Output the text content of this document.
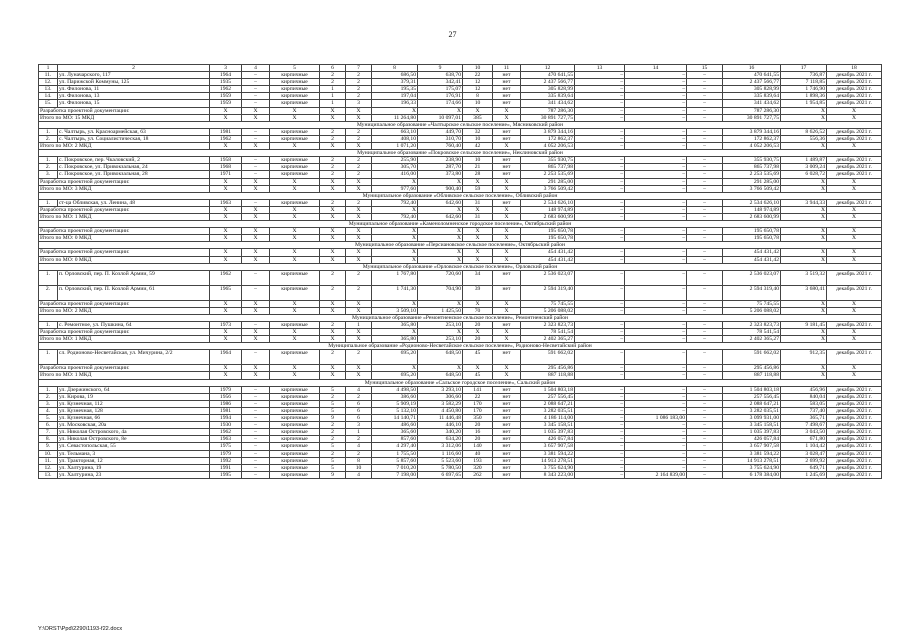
27
1	2	3	4	5	6	7	8	9	10	11	12	13	14	15	16	17	18
11.	ул. Луначарского, 117	1964	–	кирпичные	2	2	686,50	638,70	22	нет	470 641,55	–	–	–	470 641,55	736,87	декабрь 2021 г.
12.	ул. Парижской Коммуны, 125	1935	–	кирпичные	2	2	379,31	342,41	12	нет	2 437 566,77	–	–	–	2 437 566,77	7 118,85	декабрь 2021 г.
13.	ул. Филонова, 11	1962	–	кирпичные	1	2	195,35	175,07	12	нет	305 828,99	–	–	–	305 828,99	1 746,90	декабрь 2021 г.
14.	ул. Филонова, 13	1959	–	кирпичные	1	2	197,04	176,91	8	нет	335 839,64	–	–	–	335 839,64	1 898,36	декабрь 2021 г.
15.	ул. Филонова, 15	1959	–	кирпичные	1	3	196,33	174,66	10	нет	341 434,62	–	–	–	341 434,62	1 954,85	декабрь 2021 г.
Разработка проектной документации:		X	X	X	X	X	X	X	X	X	787 286,30	–	–	–	787 286,30	X	X
Итого по МО: 15 МКД		X	X	X	X	X	11 264,80	10 097,01	385	X	30 891 727,75	–	–	–	30 891 727,75	X	X
Муниципальное образование «Чалтырское сельское поселение», Мясниковский район																	
1.	с. Чалтырь, ул. Красноармейская, 63	1981	–	кирпичные	2	2	663,10	449,70	32	нет	3 879 344,16	–	–	–	3 879 344,16	8 626,52	декабрь 2021 г.
2.	с. Чалтырь, ул. Социалистическая, 18	1962	–	кирпичные	2	2	408,10	310,70	10	нет	172 862,37	–	–	–	172 862,37	556,36	декабрь 2021 г.
Итого по МО: 2 МКД		X	X	X	X	X	1 071,20	760,40	42	X	4 052 206,53	–	–	–	4 052 206,53	X	X
Муниципальное образование «Покровское сельское поселение», Неклиновский район																	
1.	с. Покровское, пер. Чкаловский, 2	1958	–	кирпичные	2	2	255,90	238,90	10	нет	355 930,75	–	–	–	355 930,75	1 489,87	декабрь 2021 г.
2.	с. Покровское, ул. Привокзальная, 24	1968	–	кирпичные	2	2	305,70	287,70	21	нет	865 737,98	–	–	–	865 737,98	3 009,24	декабрь 2021 г.
3.	с. Покровское, ул. Привокзальная, 28	1971	–	кирпичные	2	2	416,00	373,80	28	нет	2 253 535,69	–	–	–	2 253 535,69	6 028,72	декабрь 2021 г.
Разработка проектной документации:		X	X	X	X	X	X	X	X	X	291 285,00	–	–	–	291 285,00	X	X
Итого по МО: 3 МКД		X	X	X	X	X	977,60	900,40	59	X	3 766 509,42	–	–	–	3 766 509,42	X	X
Муниципальное образование «Обливское сельское поселение», Обливский район																	
1.	ст-ца Обливская, ул. Ленина, 48	1963	–	кирпичные	2	2	792,40	642,60	31	нет	2 534 626,10	–	–	–	2 534 626,10	3 944,33	декабрь 2021 г.
Разработка проектной документации:		X	X	X	X	X	X	X	X	X	148 974,89	–	–	–	148 974,89	X	X
Итого по МО: 1 МКД		X	X	X	X	X	792,40	642,60	31	X	2 683 600,99	–	–	–	2 683 600,99	X	X
Муниципальное образование «Каменоломненское городское поселение», Октябрьский район																	
Разработка проектной документации:		X	X	X	X	X	X	X	X	X	195 650,78	–	–	–	195 650,78	X	X
Итого по МО: 0 МКД		X	X	X	X	X	X	X	X	X	195 650,78	–	–	–	195 650,78	X	X
Муниципальное образование «Персиановское сельское поселение», Октябрьский район																	
Разработка проектной документации:		X	X	X	X	X	X	X	X	X	454 431,42	–	–	–	454 431,42	X	X
Итого по МО: 0 МКД		X	X	X	X	X	X	X	X	X	454 431,42	–	–	–	454 431,42	X	X
Муниципальное образование «Орловское сельское поселение», Орловский район																	
1.	п. Орловский, пер. П. Козлой Армии, 59	1962	–	кирпичные	2	2	1 767,80	720,60	34	нет	2 536 023,07	–	–	–	2 536 023,07	3 519,32	декабрь 2021 г.
2.	п. Орловский, пер. П. Козлой Армии, 61	1965	–	кирпичные	2	2	1 741,30	704,90	39	нет	2 594 319,40	–	–	–	2 594 319,40	3 680,41	декабрь 2021 г.
Разработка проектной документации:		X	X	X	X	X	X	X	X	X	75 745,55	–	–	–	75 745,55	X	X
Итого по МО: 2 МКД		X	X	X	X	X	3 509,10	1 425,50	70	X	5 206 088,02	–	–	–	5 206 088,02	X	X
Муниципальное образование «Ремонтненское сельское поселение», Ремонтненский район																	
1.	с. Ремонтное, ул. Пушкина, 64	1973	–	кирпичные	2	1	365,80	253,10	20	нет	2 323 823,73	–	–	–	2 323 823,73	9 181,45	декабрь 2021 г.
Разработка проектной документации:		X	X	X	X	X	X	X	X	X	78 541,54	–	–	–	78 541,54	X	X
Итого по МО: 1 МКД		X	X	X	X	X	365,80	253,10	20	X	2 402 365,27	–	–	–	2 402 365,27	X	X
Муниципальное образование «Родионово-Несветайское сельское поселение», Родионово-Несветайский район																	
1.	сл. Родионово-Несветайская, ул. Мичурина, 2/2	1964	–	кирпичные	2	2	695,20	648,50	45	нет	591 662,02	–	–	–	591 662,02	912,35	декабрь 2021 г.
Разработка проектной документации:		X	X	X	X	X	X	X	X	X	295 456,86	–	–	–	295 456,86	X	X
Итого по МО: 1 МКД		X	X	X	X	X	695,20	648,50	45	X	887 118,88	–	–	–	887 118,88	X	X
Муниципальное образование «Сальское городское поселение», Сальский район																	
1.	ул. Дзержинского, 64	1979	–	кирпичные	5	4	4 498,50	3 293,10	141	нет	1 504 803,18	–	–	–	1 504 803,18	456,96	декабрь 2021 г.
2.	ул. Кирова, 19	1956	–	кирпичные	2	2	386,60	306,60	22	нет	257 556,45	–	–	–	257 556,45	840,04	декабрь 2021 г.
3.	ул. Кузнечная, 112	1986	–	кирпичные	5	6	5 909,19	3 582,29	170	нет	2 088 647,21	–	–	–	2 088 647,21	583,05	декабрь 2021 г.
4.	ул. Кузнечная, 128	1981	–	кирпичные	5	6	5 132,10	4 450,80	170	нет	3 282 035,51	–	–	–	3 282 035,51	737,40	декабрь 2021 г.
5.	ул. Кузнечная, 66	1994	–	кирпичные	9	6	14 140,71	11 446,48	350	нет	4 186 114,00	–	1 086 183,00	–	3 099 931,00	365,71	декабрь 2021 г.
6.	ул. Московская, 20а	1930	–	кирпичные	2	3	486,60	446,10	20	нет	3 345 158,51	–	–	–	3 345 158,51	7 498,67	декабрь 2021 г.
7.	ул. Николая Островского, 4а	1962	–	кирпичные	2	1	365,60	340,20	16	нет	1 035 397,83	–	–	–	1 035 397,83	3 043,50	декабрь 2021 г.
8.	ул. Николая Островского, 8е	1963	–	кирпичные	2	2	857,60	634,20	20	нет	426 057,84	–	–	–	426 057,84	671,80	декабрь 2021 г.
9.	ул. Севастопольская, 55	1975	–	кирпичные	5	4	4 297,40	3 312,06	140	нет	3 657 907,58	–	–	–	3 657 907,58	1 104,42	декабрь 2021 г.
10.	ул. Тельмана, 3	1979	–	кирпичные	2	2	1 755,50	1 116,60	40	нет	3 381 594,22	–	–	–	3 381 594,22	3 028,47	декабрь 2021 г.
11.	ул. Тракторная, 12	1992	–	кирпичные	5	8	5 857,60	5 523,60	193	нет	14 913 278,51	–	–	–	14 913 278,51	2 699,92	декабрь 2021 г.
12.	ул. Халтурина, 19	1991	–	кирпичные	5	10	7 010,20	5 780,50	320	нет	3 755 624,90	–	–	–	3 755 624,90	649,71	декабрь 2021 г.
13.	ул. Халтурина, 23	1995	–	кирпичные	9	4	7 198,00	6 697,65	262	нет	8 343 223,00	–	2 164 839,00	–	6 178 384,00	1 245,69	декабрь 2021 г.
Y:\ORST\Ppd\2290\1193-f22.docx
